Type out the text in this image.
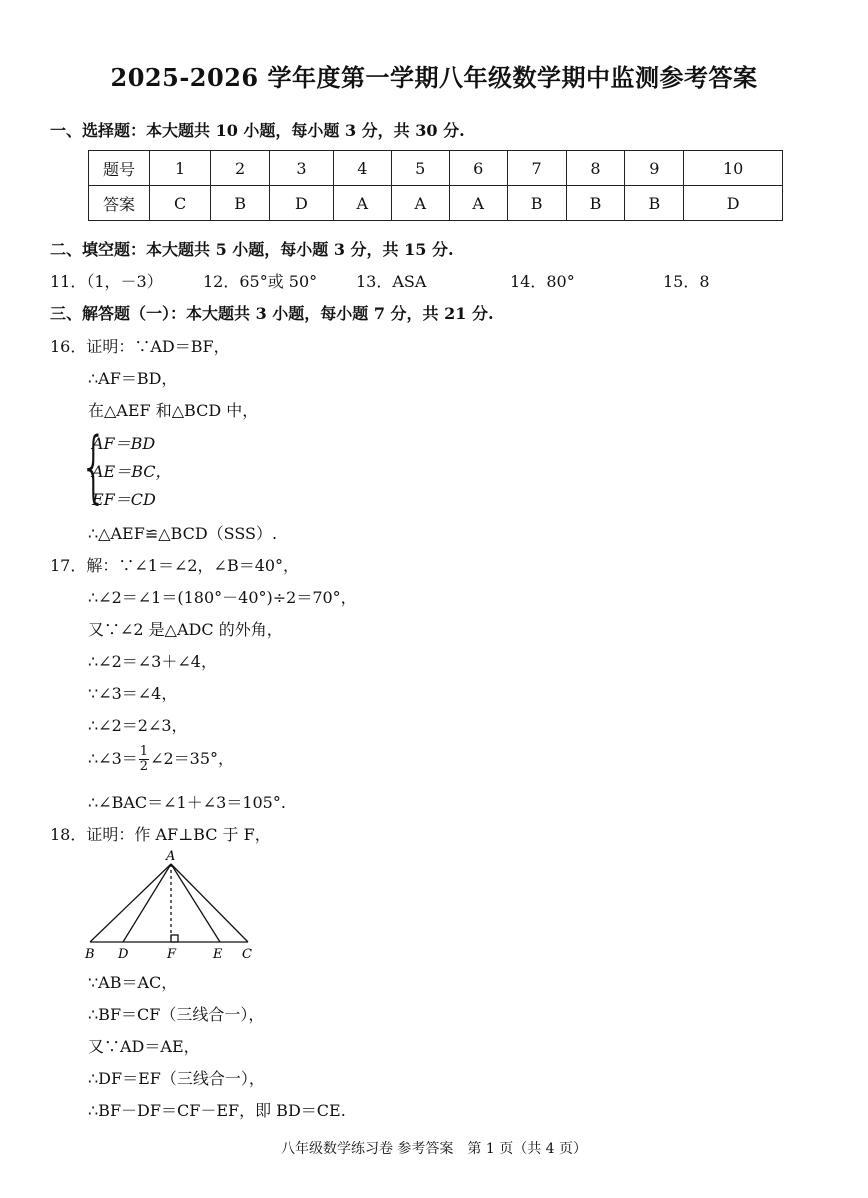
2025-2026 学年度第一学期八年级数学期中监测参考答案
一、选择题：本大题共 10 小题，每小题 3 分，共 30 分.
题号	1	2	3	4	5	6	7	8	9	10
答案	C	B	D	A	A	A	B	B	B	D
二、填空题：本大题共 5 小题，每小题 3 分，共 15 分.
11．（1，－3）	12．65°或 50° 13．ASA	14．80°	15．8
三、解答题（一）：本大题共 3 小题，每小题 7 分，共 21 分.
16．证明：∵AD＝BF，
∴AF＝BD，
在△AEF 和△BCD 中，
{
AF＝BD
AE＝BC，
EF＝CD
∴△AEF≌△BCD（SSS）.
17．解：∵∠1＝∠2，∠B＝40°，
∴∠2＝∠1＝(180°－40°)÷2＝70°，
又∵∠2 是△ADC 的外角，
∴∠2＝∠3＋∠4，
∵∠3＝∠4，
∴∠2＝2∠3，
∴∠3＝ $\frac{1}{2}$ ∠2＝35°，
∴∠BAC＝∠1＋∠3＝105°.
18．证明：作 AF⊥BC 于 F，
A
B D	F	E C
∵AB＝AC，
∴BF＝CF（三线合一），
又∵AD＝AE，
∴DF＝EF（三线合一），
∴BF－DF＝CF－EF，即 BD＝CE.
八年级数学练习卷 参考答案　第 1 页（共 4 页）
